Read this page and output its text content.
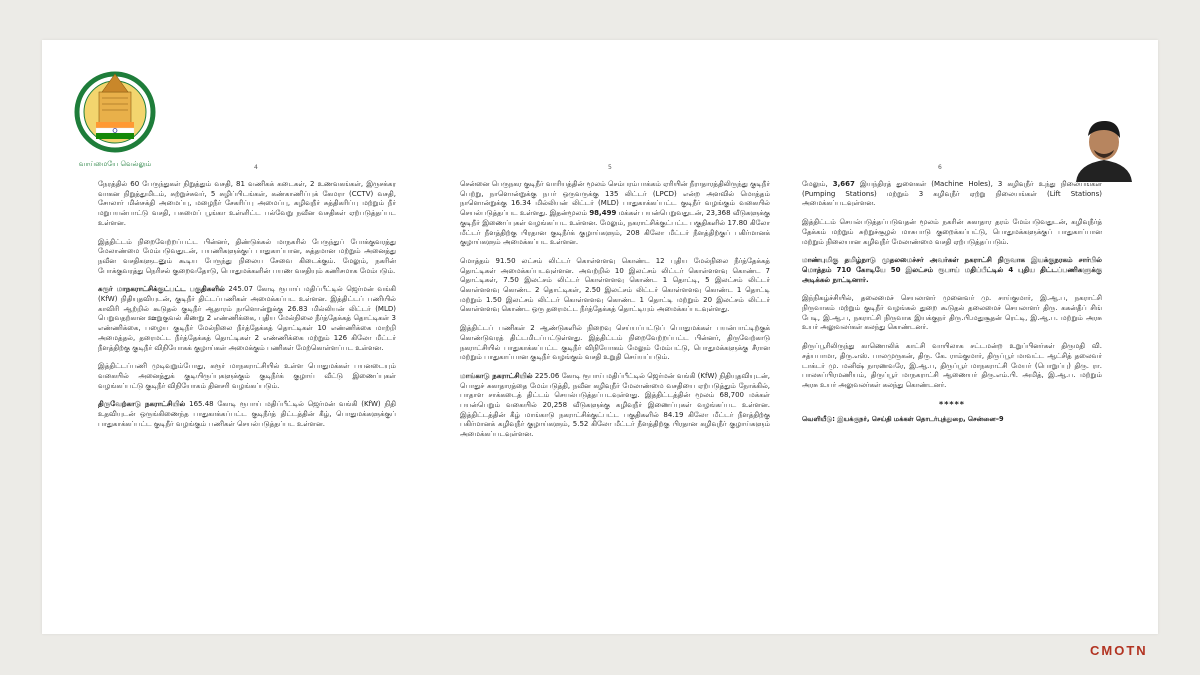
வாய்மையே வெல்லும்	4	5	6

நேரத்தில் 60 பேருந்துகள் நிறுத்தும் வசதி, 81 வணிகக் கடைகள், 2 உணவகங்கள், இருசக்கர வாகன நிறுத்துமிடம், சுற்றுச்சுவர், 5 சுழிப்பிடங்கள், கண்காணிப்புக் கேமரா (CCTV) வசதி, சோலார் மின்சக்தி அமைப்பு, மழைநீர் சேகரிப்பு அமைப்பு, கழிவுநீர் சுத்திகரிப்பு மற்றும் நீர் மறுபயன்பாட்டு வசதி, பசுமைப் பூங்கா உள்ளிட்ட பல்வேறு நவீன வசதிகள் ஏற்படுத்தப்பட உள்ளன.

இத்திட்டம் நிறைவேற்றப்பட்ட பின்னர், திண்டுக்கல் மாநகரில் பேருந்துப் போக்குவரத்து மேலாண்மை மேம்படுவதுடன், பயணிகளுக்குப் பாதுகாப்பான, சுத்தமான மற்றும் அனைத்து நவீன வசதிகளுடனும் கூடிய பேருந்து நிலைய சேவை கிடைக்கும். மேலும், நகரின் போக்குவரத்து நெரிசல் குறைவதோடு, பொதுமக்களின் பயண வசதியும் கணிசமாக மேம்படும்.

கரூர் மாநகராட்சிக்குட்பட்ட பகுதிகளில் 245.07 கோடி ரூபாய் மதிப்பீட்டில் ஜெர்மன் வங்கி (KfW) நிதியுதவியுடன், குடிநீர் திட்டப்பணிகள் அமைக்கப்பட உள்ளன. இத்திட்டப் பணியில் காவிரி ஆற்றில் கூடுதல் குடிநீர் ஆதாரம் நாளொன்றுக்கு 26.83 மில்லியன் லிட்டர் (MLD) பெறுவதற்கான ஊறுகுவல் கிணறு 2 எண்ணிக்கை, புதிய மேல்நிலை நீர்த்தேக்கத் தொட்டிகள் 3 எண்ணிக்கை, பழைய குடிநீர் மேல்நிலை நீர்த்தேக்கத் தொட்டிகள் 10 எண்ணிக்கை மாற்றி அமைத்தல், தரைமட்ட நீர்த்தேக்கத் தொட்டிகள் 2 எண்ணிக்கை மற்றும் 126 கிலோ மீட்டர் நீளத்திற்கு குடிநீர் விநியோகக் குழாய்கள் அமைக்கும் பணிகள் மேற்கொள்ளப்பட உள்ளன.

இத்திட்டப்பணி முடிவுறும்போது, கரூர் மாநகராட்சியில் உள்ள பொதுமக்கள் பயனடையும் வகையில் அனைத்துக் குடியிருப்புகளுக்கும் குடிநீர்க் குழாய் வீட்டு இணைப்புகள் வழங்கப்பட்டு குடிநீர் விநியோகம் தினசரி வழங்கப்படும்.

திருவேற்காடு நகராட்சியில் 165.48 கோடி ரூபாய் மதிப்பீட்டில் ஜெர்மன் வங்கி (KfW) நிதி உதவியுடன் ஒருங்கிணைந்த பாதுகாக்கப்பட்ட குடிநீர்த் திட்டத்தின் கீழ், பொதுமக்களுக்குப் பாதுகாக்கப்பட்ட குடிநீர் வழங்கும் பணிகள் செயல்படுத்தப்பட உள்ளன.

சென்னை பெருநகர குடிநீர் வாரியத்தின் மூலம் செம்பரம்பாக்கம் ஏரியின் நீராதாரத்திலிருந்து குடிநீர் பெற்று, நாளொன்றுக்கு நபர் ஒருவருக்கு 135 லிட்டர் (LPCD) என்ற அளவில் மொத்தம் நாளொன்றுக்கு 16.34 மில்லியன் லிட்டர் (MLD) பாதுகாக்கப்பட்ட குடிநீர் வழங்கும் வகையில் செயல்படுத்தப்பட உள்ளது. இதன்மூலம் 98,499 மக்கள் பயன்பெறுவதுடன், 23,368 வீடுகளுக்கு குடிநீர் இணைப்புகள் வழங்கப்பட உள்ளன. மேலும், நகராட்சிக்குட்பட்ட பகுதிகளில் 17.80 கிலோ மீட்டர் நீளத்திற்கு பிரதான குடிநீர்க் குழாய்களும், 208 கிலோ மீட்டர் நீளத்திற்குப் பகிர்மானக் குழாய்களும் அமைக்கப்பட உள்ளன.

மொத்தம் 91.50 லட்சம் லிட்டர் கொள்ளளவு கொண்ட 12 புதிய மேல்நிலை நீர்த்தேக்கத் தொட்டிகள் அமைக்கப்படவுள்ளன. அவற்றில் 10 இலட்சம் லிட்டர் கொள்ளளவு கொண்ட 7 தொட்டிகள், 7.50 இலட்சம் லிட்டர் கொள்ளளவு கொண்ட 1 தொட்டி, 5 இலட்சம் லிட்டர் கொள்ளளவு கொண்ட 2 தொட்டிகள், 2.50 இலட்சம் லிட்டர் கொள்ளளவு கொண்ட 1 தொட்டி மற்றும் 1.50 இலட்சம் லிட்டர் கொள்ளளவு கொண்ட 1 தொட்டி மற்றும் 20 இலட்சம் லிட்டர் கொள்ளளவு கொண்ட ஒரு தரைமட்ட நீர்த்தேக்கத் தொட்டியும் அமைக்கப்படவுள்ளது.

இத்திட்டப் பணிகள் 2 ஆண்டுகளில் நிறைவு செய்யப்பட்டுப் பொதுமக்கள் பயன்பாட்டிற்குக் கொண்டுவரத் திட்டமிடப்பட்டுள்ளது. இத்திட்டம் நிறைவேற்றப்பட்ட பின்னர், திருவேற்காடு நகராட்சியில் பாதுகாக்கப்பட்ட குடிநீர் விநியோகம் மேலும் மேம்பட்டு, பொதுமக்களுக்கு சீரான மற்றும் பாதுகாப்பான குடிநீர் வழங்கும் வசதி உறுதி செய்யப்படும்.

மாங்காடு நகராட்சியில் 225.06 கோடி ரூபாய் மதிப்பீட்டில் ஜெர்மன் வங்கி (KfW) நிதியுதவியுடன், பொதுச் சுகாதாரத்தை மேம்படுத்தி, நவீன கழிவுநீர் மேலாண்மை வசதியை ஏற்படுத்தும் நோக்கில், பாதாள சாக்கடைத் திட்டம் செயல்படுத்தப்படவுள்ளது. இத்திட்டத்தின் மூலம் 68,700 மக்கள் பயன்பெறும் வகையில் 20,258 வீடுகளுக்கு கழிவுநீர் இணைப்புகள் வழங்கப்பட உள்ளன. இத்திட்டத்தின் கீழ் மாங்காடு நகராட்சிக்குட்பட்ட பகுதிகளில் 84.19 கிலோ மீட்டர் நீளத்திற்கு பகிர்மானக் கழிவுநீர் குழாய்களும், 5.52 கிலோ மீட்டர் நீளத்திற்கு பிரதான கழிவுநீர் குழாய்களும் அமைக்கப்படவுள்ளன.

மேலும், 3,667 இயந்திரத் துளைகள் (Machine Holes), 3 கழிவுநீர் உந்து நிலையங்கள் (Pumping Stations) மற்றும் 3 கழிவுநீர் ஏற்று நிலையங்கள் (Lift Stations) அமைக்கப்படவுள்ளன.

இத்திட்டம் செயல்படுத்தப்படுவதன் மூலம் நகரின் சுகாதார தரம் மேம்படுவதுடன், கழிவுநீர்த் தேக்கம் மற்றும் சுற்றுச்சூழல் மாசுபாடு குறைக்கப்பட்டு, பொதுமக்களுக்குப் பாதுகாப்பான மற்றும் நிலையான கழிவுநீர் மேலாண்மை வசதி ஏற்படுத்தப்படும்.

மாண்புமிகு தமிழ்நாடு முதலமைச்சர் அவர்கள் நகராட்சி நிருவாக இயக்குநரகம் சார்பில் மொத்தம் 710 கோடியே 50 இலட்சம் ரூபாய் மதிப்பீட்டில் 4 புதிய திட்டப்பணிகளுக்கு அடிக்கல் நாட்டினார்.

இந்நிகழ்ச்சியில், தலைமைச் செயலாளர் முனைவர் மு. சாய்குமார், இ.ஆ.ப, நகராட்சி நிருவாகம் மற்றும் குடிநீர் வழங்கல் துறை கூடுதல் தலைமைச் செயலாளர் திரு. ககன்தீப் சிங் பேடி, இ.ஆ.ப, நகராட்சி நிருவாக இயக்குநர் திரு.பி.மதுசூதன் ரெட்டி, இ.ஆ.ப. மற்றும் அரசு உயர் அலுவலர்கள் கலந்து கொண்டனர்.

திருப்பூரிலிருந்து காணொலிக் காட்சி வாயிலாக சட்டமன்ற உறுப்பினர்கள் திருமதி வி. சத்யபாமா, திரு.எஸ். பாலமுருகன், திரு. கே. ராம்குமார், திருப்பூர் மாவட்ட ஆட்சித் தலைவர் டாக்டர் மு. மனிஷ் நாரணவரே, இ.ஆ.ப, திருப்பூர் மாநகராட்சி மேயர் (பொறுப்பு) திரு. ரா. பாலசுப்பிரமணியம், திருப்பூர் மாநகராட்சி ஆணையர் திரு.எம்.பி. அமித், இ.ஆ.ப. மற்றும் அரசு உயர் அலுவலர்கள் கலந்து கொண்டனர்.

*****
வெளியீடு: இயக்குநர், செய்தி மக்கள் தொடர்புத்துறை, சென்னை–9
CMOTN
